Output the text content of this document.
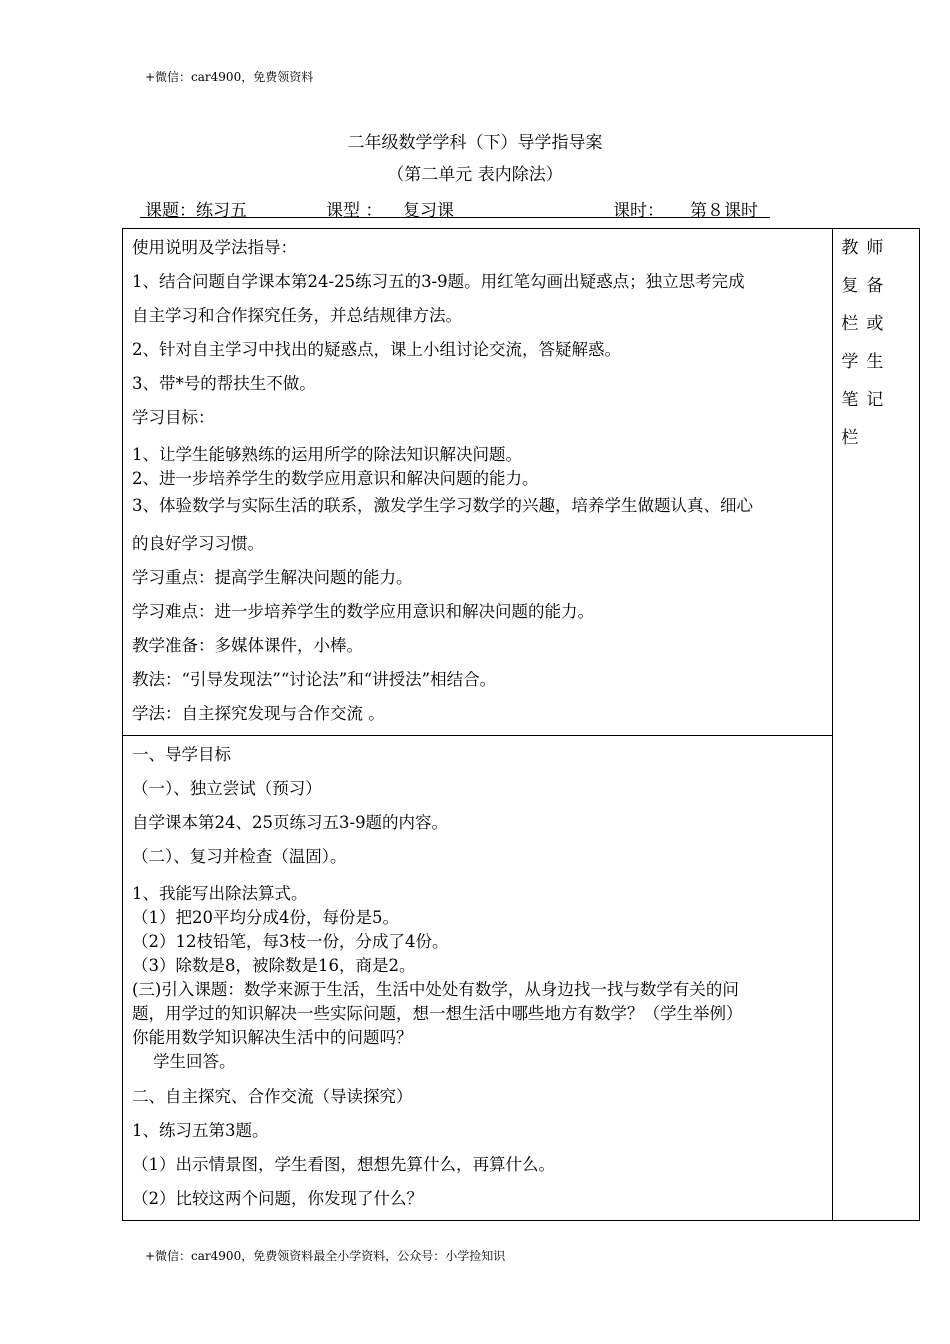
+微信：car4900，免费领资料
二年级数学学科（下）导学指导案
（第二单元 表内除法）
课题：练习五	课型 ： 复习课	课时： 第８课时
使用说明及学法指导：
1、结合问题自学课本第24-25练习五的3-9题。用红笔勾画出疑惑点；独立思考完成
自主学习和合作探究任务，并总结规律方法。
2、针对自主学习中找出的疑惑点，课上小组讨论交流，答疑解惑。
3、带*号的帮扶生不做。
学习目标：
1、让学生能够熟练的运用所学的除法知识解决问题。
2、进一步培养学生的数学应用意识和解决问题的能力。
3、体验数学与实际生活的联系，激发学生学习数学的兴趣，培养学生做题认真、细心
的良好学习习惯。
学习重点：提高学生解决问题的能力。
学习难点：进一步培养学生的数学应用意识和解决问题的能力。
教学准备：多媒体课件，小棒。
教法：“引导发现法”“讨论法”和“讲授法”相结合。
学法：自主探究发现与合作交流 。

教师复备栏或学生笔记栏

一、导学目标
（一）、独立尝试（预习）
自学课本第24、25页练习五3-9题的内容。
（二）、复习并检查（温固）。
1、我能写出除法算式。
（1）把20平均分成4份，每份是5。
（2）12枝铅笔，每3枝一份，分成了4份。
（3）除数是8，被除数是16，商是2。
(三)引入课题：数学来源于生活，生活中处处有数学，从身边找一找与数学有关的问
题，用学过的知识解决一些实际问题，想一想生活中哪些地方有数学？（学生举例）
你能用数学知识解决生活中的问题吗？
学生回答。
二、自主探究、合作交流（导读探究）
1、练习五第3题。
（1）出示情景图，学生看图，想想先算什么，再算什么。
（2）比较这两个问题，你发现了什么？
+微信：car4900，免费领资料最全小学资料，公众号：小学捡知识
